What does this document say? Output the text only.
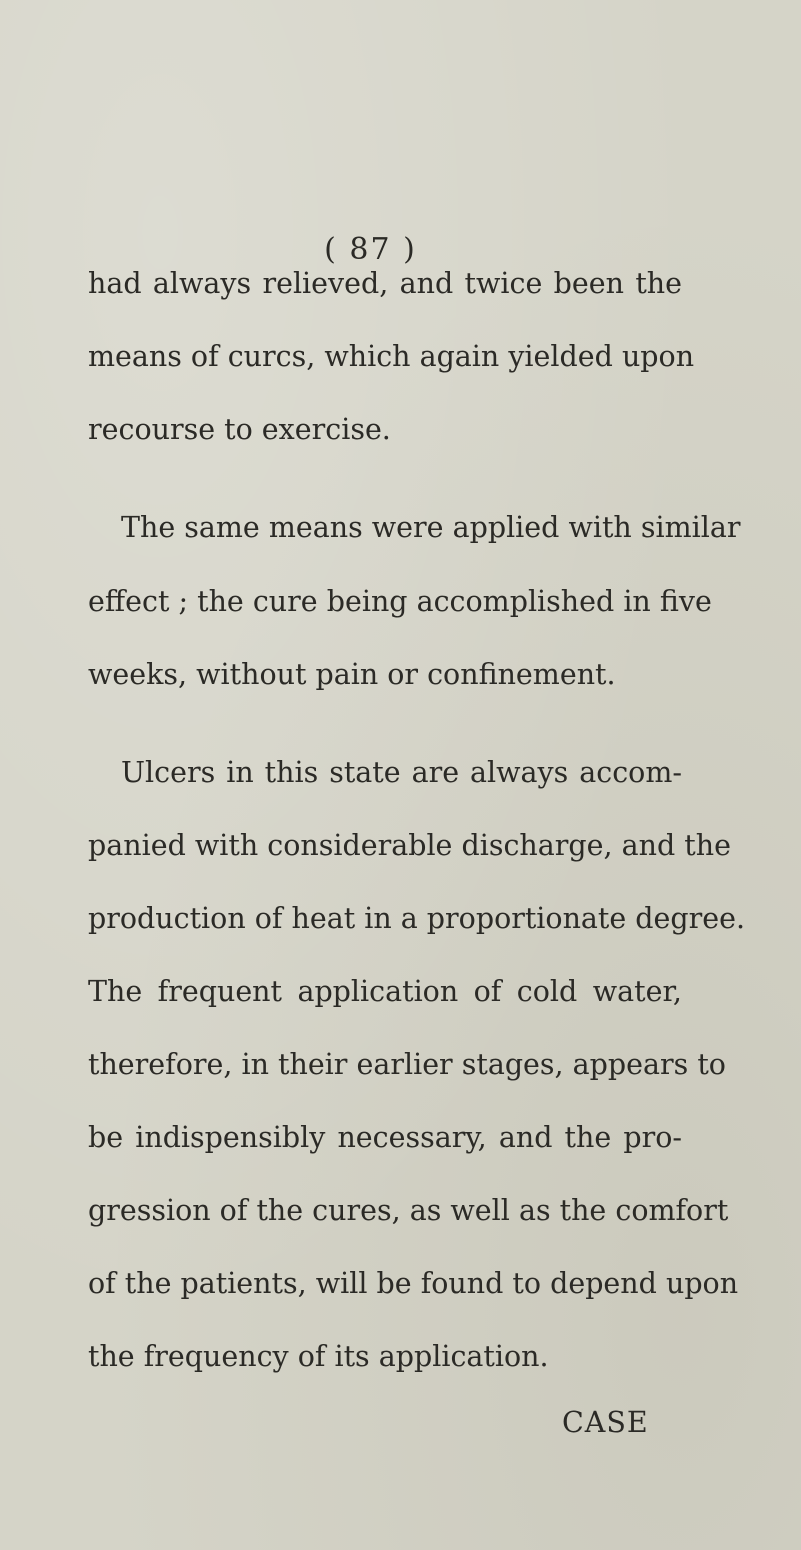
( 87 )
had always relieved, and twice been the
means of curcs, which again yielded upon
recourse to exercise.
The same means were applied with similar
effect ; the cure being accomplished in five
weeks, without pain or confinement.
Ulcers in this state are always accom-
panied with considerable discharge, and the
production of heat in a proportionate degree.
The frequent application of cold water,
therefore, in their earlier stages, appears to
be indispensibly necessary, and the pro-
gression of the cures, as well as the comfort
of the patients, will be found to depend upon
the frequency of its application.
CASE
